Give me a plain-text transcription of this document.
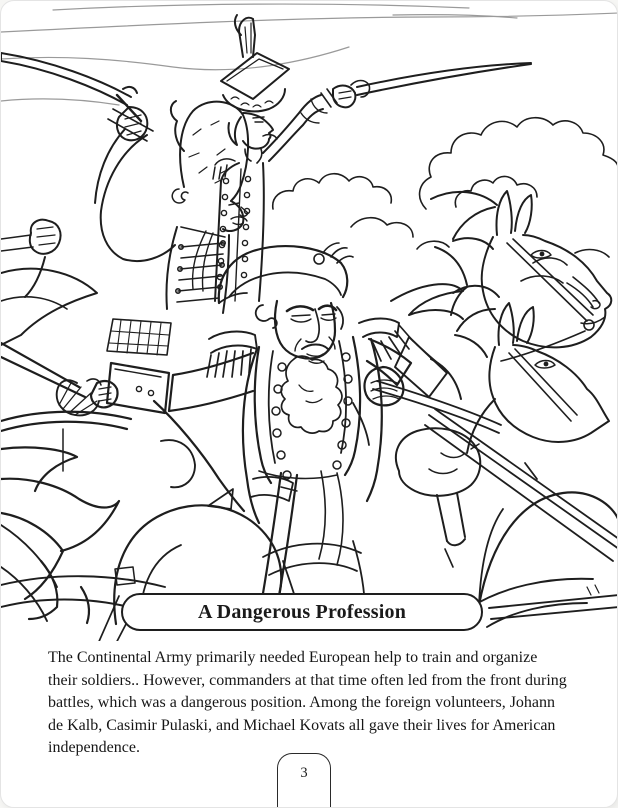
A Dangerous Profession
The Continental Army primarily needed European help to train and organize
their soldiers.. However, commanders at that time often led from the front during
battles, which was a dangerous position. Among the foreign volunteers, Johann
de Kalb, Casimir Pulaski, and Michael Kovats all gave their lives for American
independence.
3
